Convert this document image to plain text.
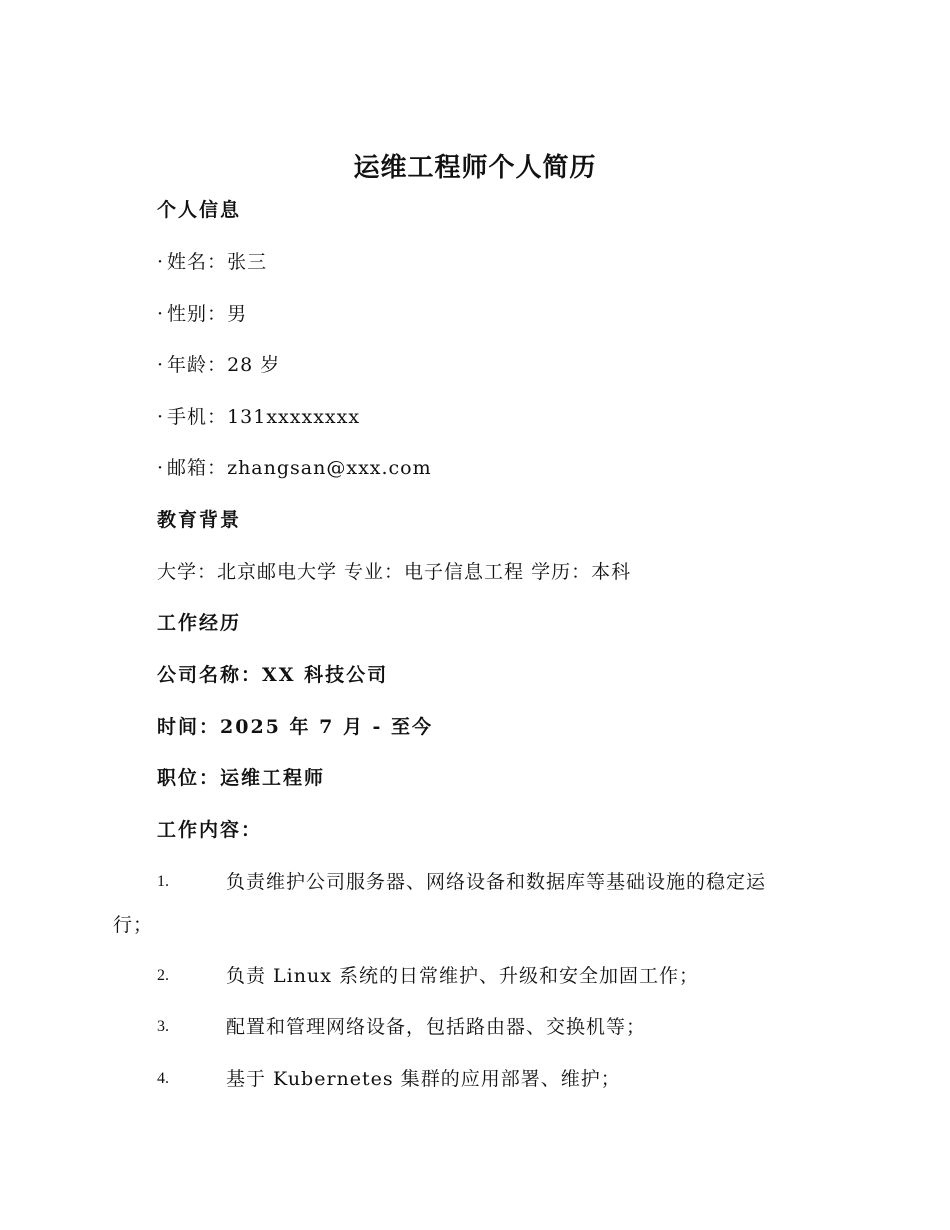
运维工程师个人简历
个人信息
· 姓名：张三
· 性别：男
· 年龄：28 岁
· 手机：131xxxxxxxx
· 邮箱：zhangsan@xxx.com
教育背景
大学：北京邮电大学 专业：电子信息工程 学历：本科
工作经历
公司名称：XX 科技公司
时间：2025 年 7 月 - 至今
职位：运维工程师
工作内容：
1.	负责维护公司服务器、网络设备和数据库等基础设施的稳定运
行；
2.	负责 Linux 系统的日常维护、升级和安全加固工作；
3.	配置和管理网络设备，包括路由器、交换机等；
4.	基于 Kubernetes 集群的应用部署、维护；
